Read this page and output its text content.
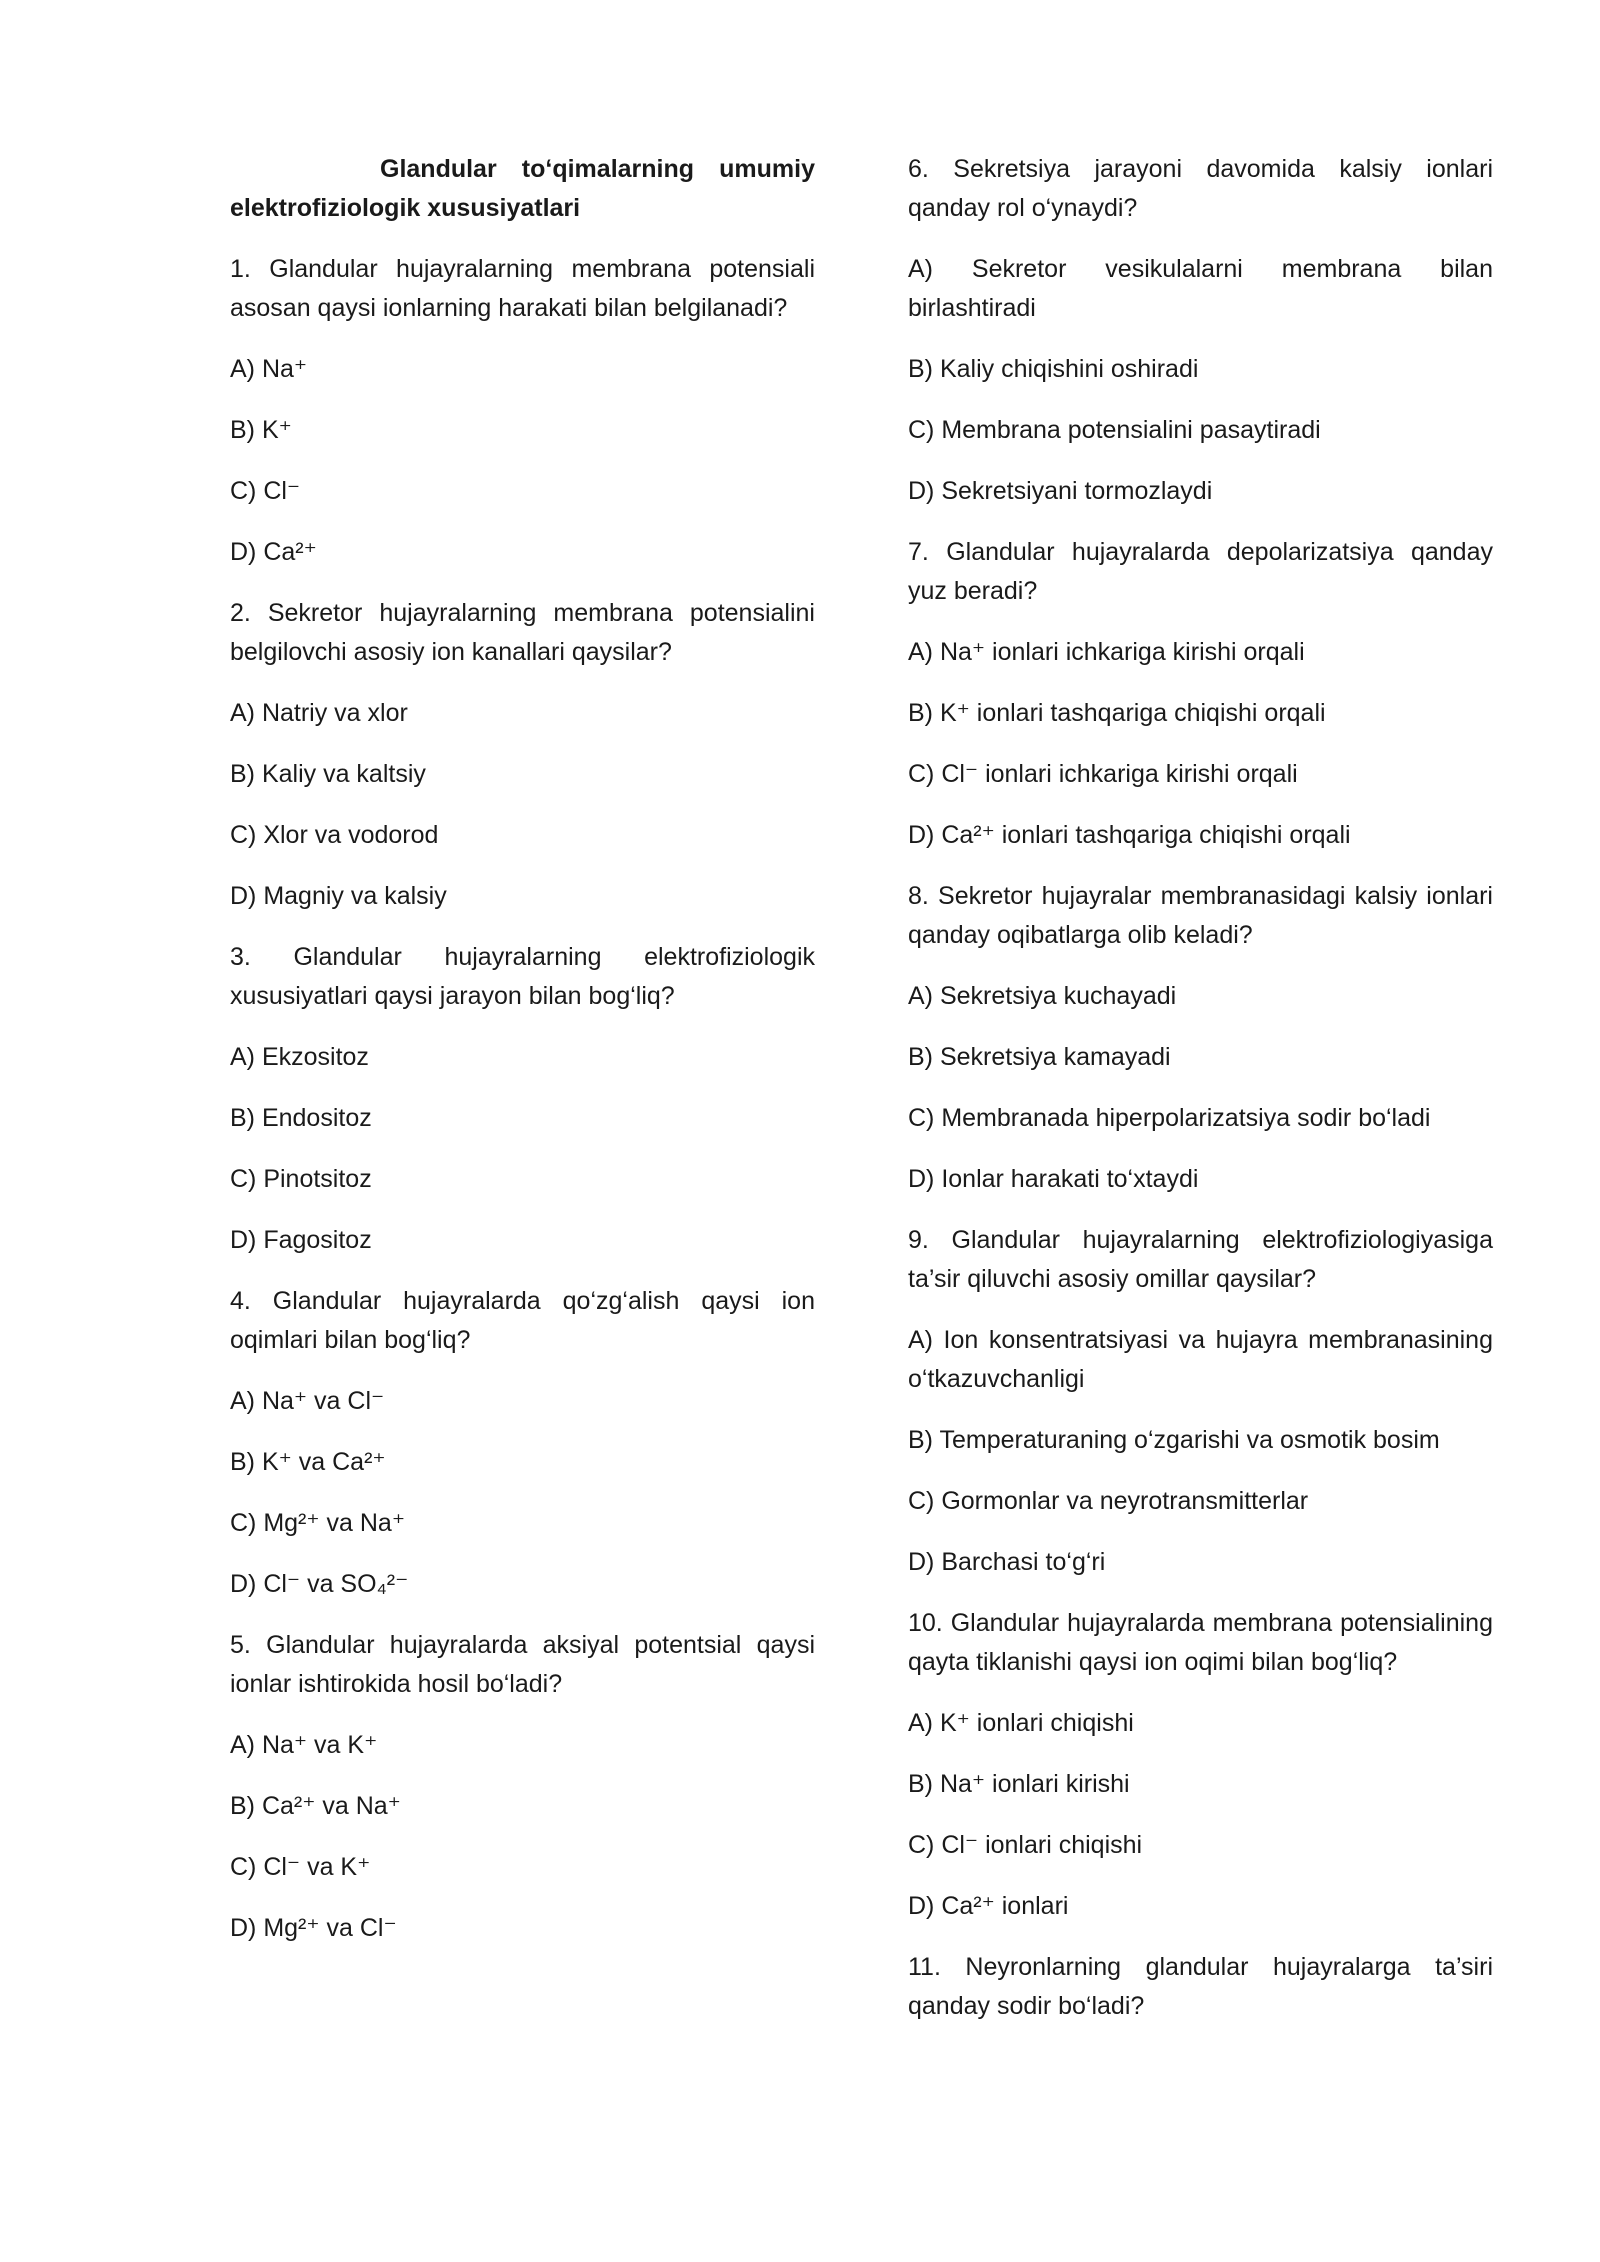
Glandular to‘qimalarning umumiy elektrofiziologik xususiyatlari

1. Glandular hujayralarning membrana potensiali asosan qaysi ionlarning harakati bilan belgilanadi?

A) Na⁺

B) K⁺

C) Cl⁻

D) Ca²⁺

2. Sekretor hujayralarning membrana potensialini belgilovchi asosiy ion kanallari qaysilar?

A) Natriy va xlor

B) Kaliy va kaltsiy

C) Xlor va vodorod

D) Magniy va kalsiy

3. Glandular hujayralarning elektrofiziologik xususiyatlari qaysi jarayon bilan bog‘liq?

A) Ekzositoz

B) Endositoz

C) Pinotsitoz

D) Fagositoz

4. Glandular hujayralarda qo‘zg‘alish qaysi ion oqimlari bilan bog‘liq?

A) Na⁺ va Cl⁻

B) K⁺ va Ca²⁺

C) Mg²⁺ va Na⁺

D) Cl⁻ va SO₄²⁻

5. Glandular hujayralarda aksiyal potentsial qaysi ionlar ishtirokida hosil bo‘ladi?

A) Na⁺ va K⁺

B) Ca²⁺ va Na⁺

C) Cl⁻ va K⁺

D) Mg²⁺ va Cl⁻

6. Sekretsiya jarayoni davomida kalsiy ionlari qanday rol o‘ynaydi?

A) Sekretor vesikulalarni membrana bilan birlashtiradi

B) Kaliy chiqishini oshiradi

C) Membrana potensialini pasaytiradi

D) Sekretsiyani tormozlaydi

7. Glandular hujayralarda depolarizatsiya qanday yuz beradi?

A) Na⁺ ionlari ichkariga kirishi orqali

B) K⁺ ionlari tashqariga chiqishi orqali

C) Cl⁻ ionlari ichkariga kirishi orqali

D) Ca²⁺ ionlari tashqariga chiqishi orqali

8. Sekretor hujayralar membranasidagi kalsiy ionlari qanday oqibatlarga olib keladi?

A) Sekretsiya kuchayadi

B) Sekretsiya kamayadi

C) Membranada hiperpolarizatsiya sodir bo‘ladi

D) Ionlar harakati to‘xtaydi

9. Glandular hujayralarning elektrofiziologiyasiga ta’sir qiluvchi asosiy omillar qaysilar?

A) Ion konsentratsiyasi va hujayra membranasining o‘tkazuvchanligi

B) Temperaturaning o‘zgarishi va osmotik bosim

C) Gormonlar va neyrotransmitterlar

D) Barchasi to‘g‘ri

10. Glandular hujayralarda membrana potensialining qayta tiklanishi qaysi ion oqimi bilan bog‘liq?

A) K⁺ ionlari chiqishi

B) Na⁺ ionlari kirishi

C) Cl⁻ ionlari chiqishi

D) Ca²⁺ ionlari

11. Neyronlarning glandular hujayralarga ta’siri qanday sodir bo‘ladi?
